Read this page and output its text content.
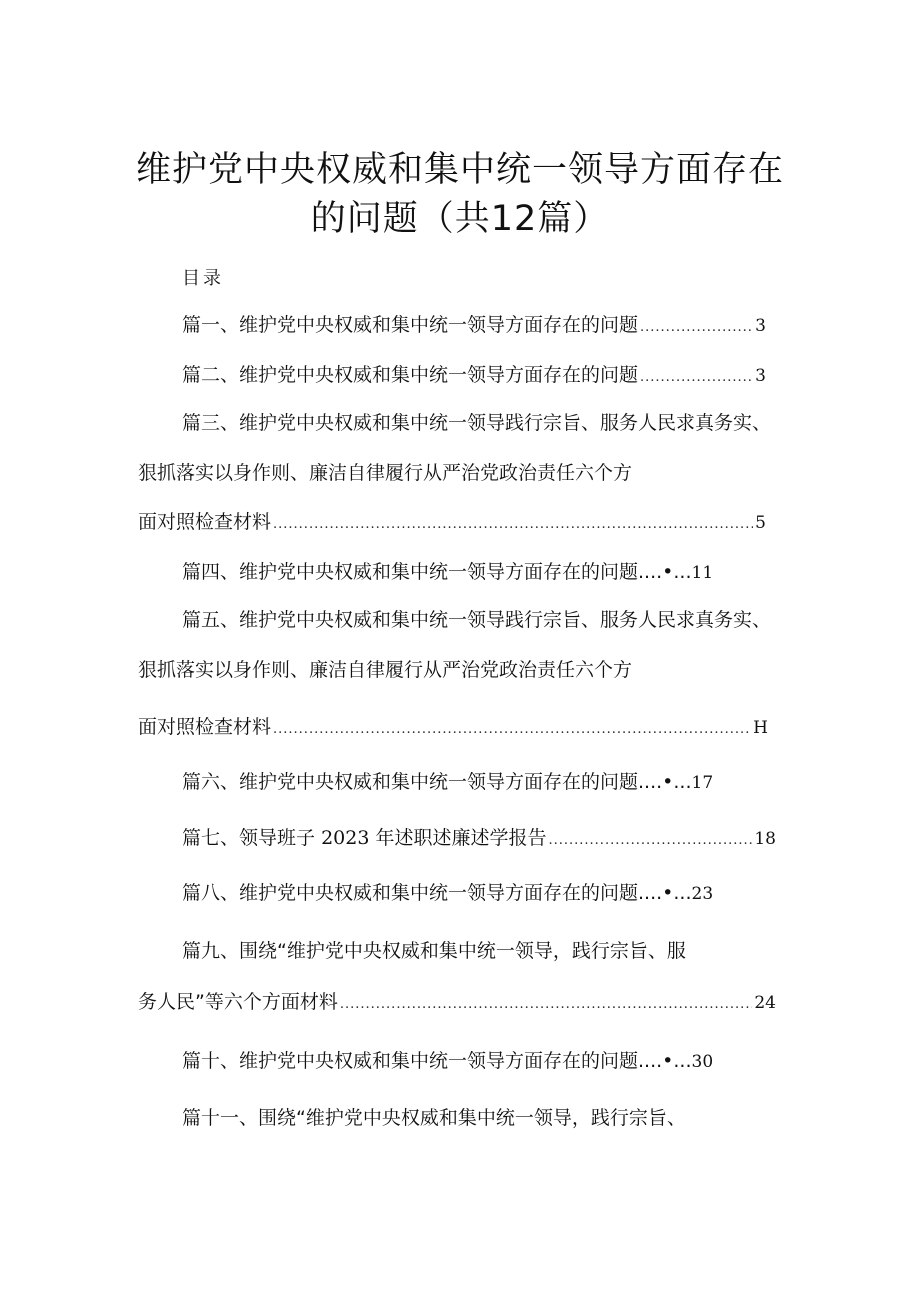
维护党中央权威和集中统一领导方面存在
的问题（共12篇）
目录
篇一、维护党中央权威和集中统一领导方面存在的问题 .....	3
篇二、维护党中央权威和集中统一领导方面存在的问题 .....	3
篇三、维护党中央权威和集中统一领导践行宗旨、服务人民求真务实、
狠抓落实以身作则、廉洁自律履行从严治党政治责任六个方
面对照检查材料 .....	5
篇四、维护党中央权威和集中统一领导方面存在的问题....•... 11
篇五、维护党中央权威和集中统一领导践行宗旨、服务人民求真务实、
狠抓落实以身作则、廉洁自律履行从严治党政治责任六个方
面对照检查材料 .....	H
篇六、维护党中央权威和集中统一领导方面存在的问题....•... 17
篇七、领导班子 2023 年述职述廉述学报告 .....	18
篇八、维护党中央权威和集中统一领导方面存在的问题....•... 23
篇九、围绕“维护党中央权威和集中统一领导，践行宗旨、服
务人民”等六个方面材料 .....	24
篇十、维护党中央权威和集中统一领导方面存在的问题....•... 30
篇十一、围绕“维护党中央权威和集中统一领导，践行宗旨、
